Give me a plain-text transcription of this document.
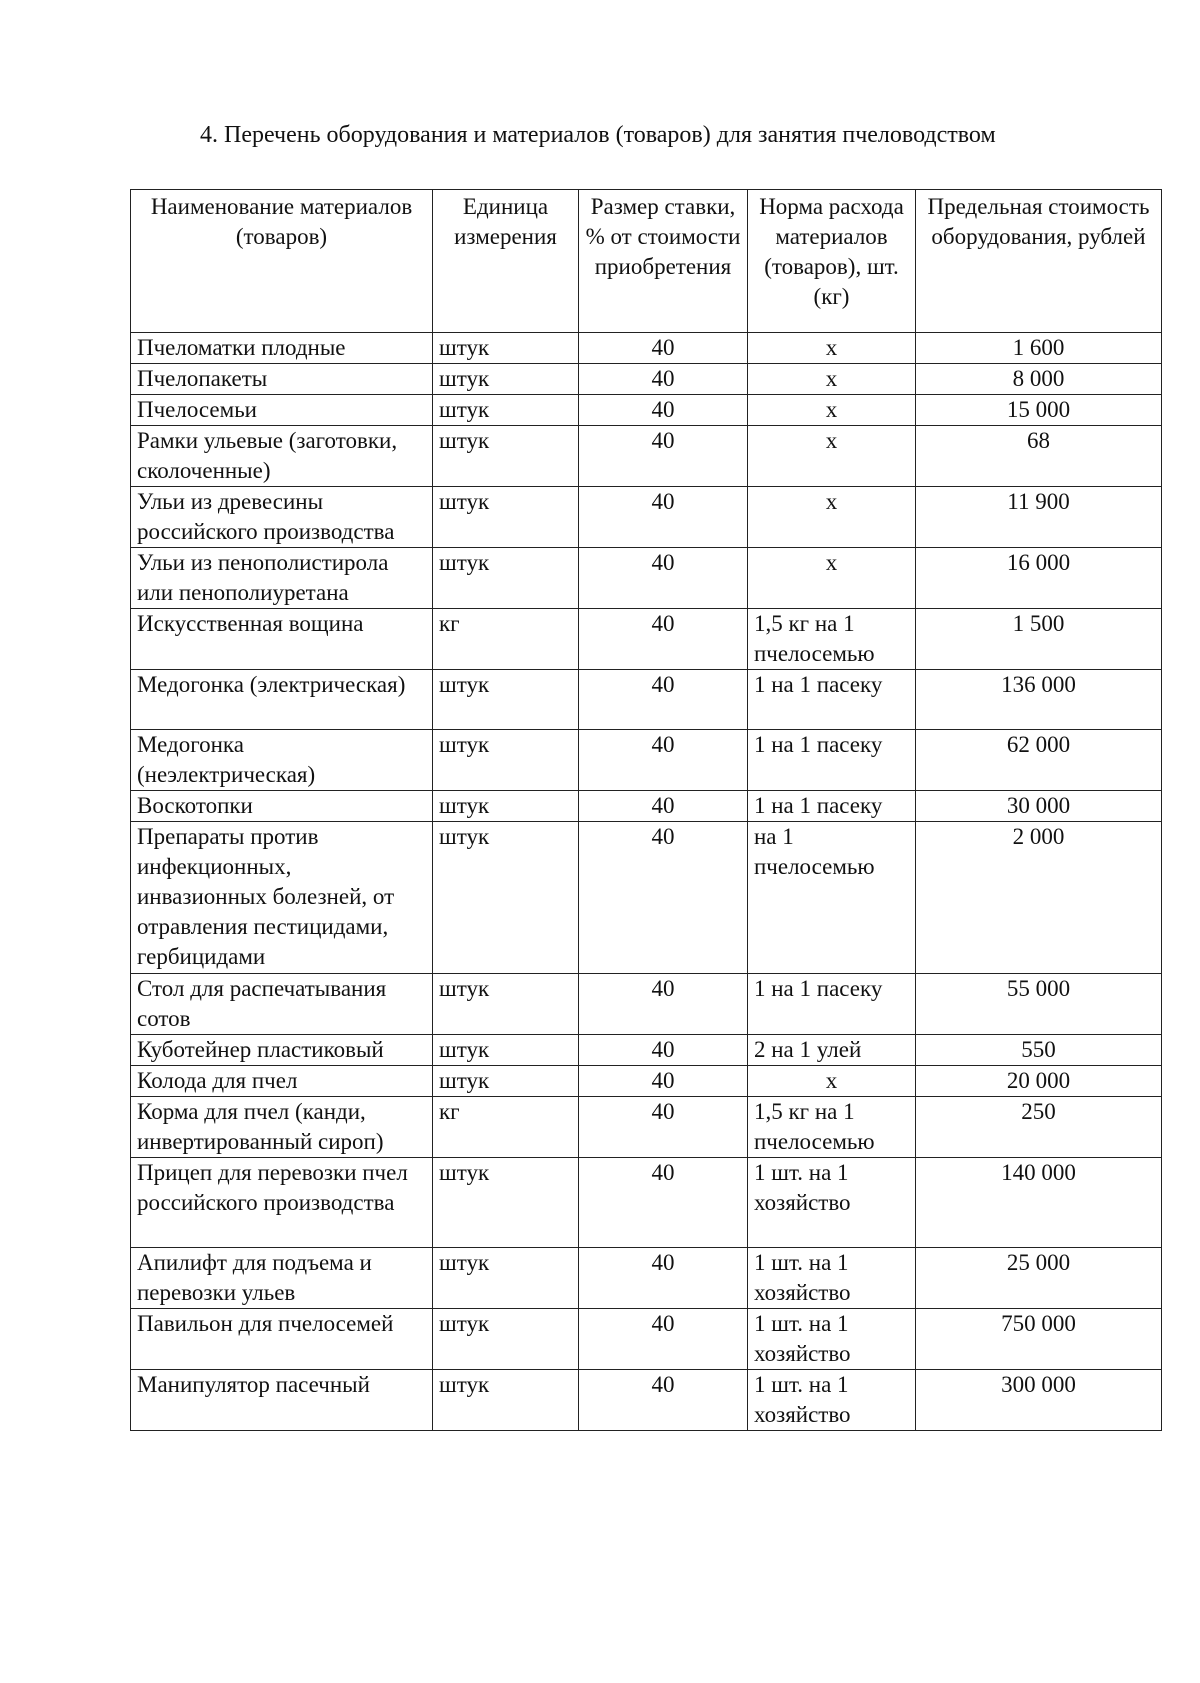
4. Перечень оборудования и материалов (товаров) для занятия пчеловодством
Наименование материалов (товаров)	Единица измерения	Размер ставки, % от стоимости приобретения	Норма расхода материалов (товаров), шт. (кг)	Предельная стоимость оборудования, рублей
Пчеломатки плодные	штук	40	х	1 600
Пчелопакеты	штук	40	х	8 000
Пчелосемьи	штук	40	х	15 000
Рамки ульевые (заготовки, сколоченные)	штук	40	х	68
Ульи из древесины российского производства	штук	40	х	11 900
Ульи из пенополистирола или пенополиуретана	штук	40	х	16 000
Искусственная вощина	кг	40	1,5 кг на 1 пчелосемью	1 500
Медогонка (электрическая)	штук	40	1 на 1 пасеку	136 000
Медогонка (неэлектрическая)	штук	40	1 на 1 пасеку	62 000
Воскотопки	штук	40	1 на 1 пасеку	30 000
Препараты против инфекционных, инвазионных болезней, от отравления пестицидами, гербицидами	штук	40	на 1 пчелосемью	2 000
Стол для распечатывания сотов	штук	40	1 на 1 пасеку	55 000
Куботейнер пластиковый	штук	40	2 на 1 улей	550
Колода для пчел	штук	40	х	20 000
Корма для пчел (канди, инвертированный сироп)	кг	40	1,5 кг на 1 пчелосемью	250
Прицеп для перевозки пчел российского производства	штук	40	1 шт. на 1 хозяйство	140 000
Апилифт для подъема и перевозки ульев	штук	40	1 шт. на 1 хозяйство	25 000
Павильон для пчелосемей	штук	40	1 шт. на 1 хозяйство	750 000
Манипулятор пасечный	штук	40	1 шт. на 1 хозяйство	300 000
